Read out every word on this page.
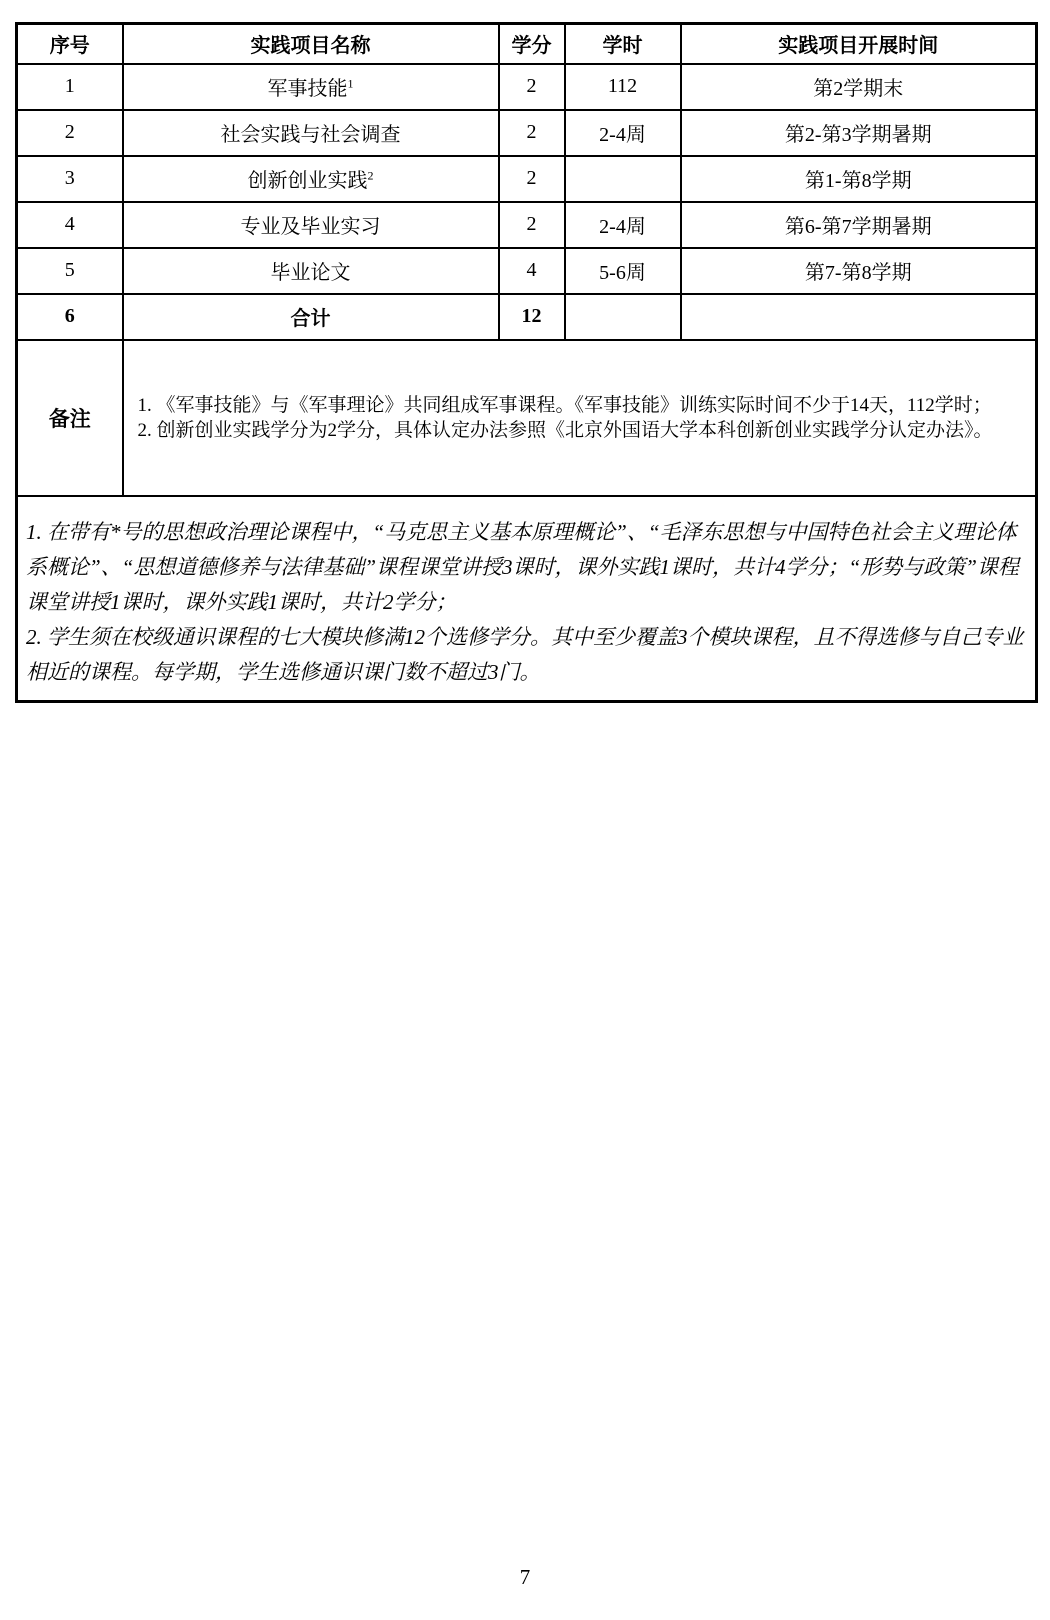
序号	实践项目名称	学分	学时	实践项目开展时间
1	军事技能$^1$	2	112	第2学期末
2	社会实践与社会调查	2	2-4周	第2-第3学期暑期
3	创新创业实践$^2$	2		第1-第8学期
4	专业及毕业实习	2	2-4周	第6-第7学期暑期
5	毕业论文	4	5-6周	第7-第8学期
6	合计	12		
备注	1. 《军事技能》与《军事理论》共同组成军事课程。《军事技能》训练实际时间不少于14天，112学时；
2. 创新创业实践学分为2学分，具体认定办法参照《北京外国语大学本科创新创业实践学分认定办法》。			

1. 在带有*号的思想政治理论课程中，“马克思主义基本原理概论”、“毛泽东思想与中国特色社会主义理论体系概论”、“思想道德修养与法律基础”课程课堂讲授3课时，课外实践1课时，共计4学分；“形势与政策”课程课堂讲授1课时，课外实践1课时，共计2学分；

2. 学生须在校级通识课程的七大模块修满12个选修学分。其中至少覆盖3个模块课程，且不得选修与自己专业相近的课程。每学期，学生选修通识课门数不超过3门。				

7
